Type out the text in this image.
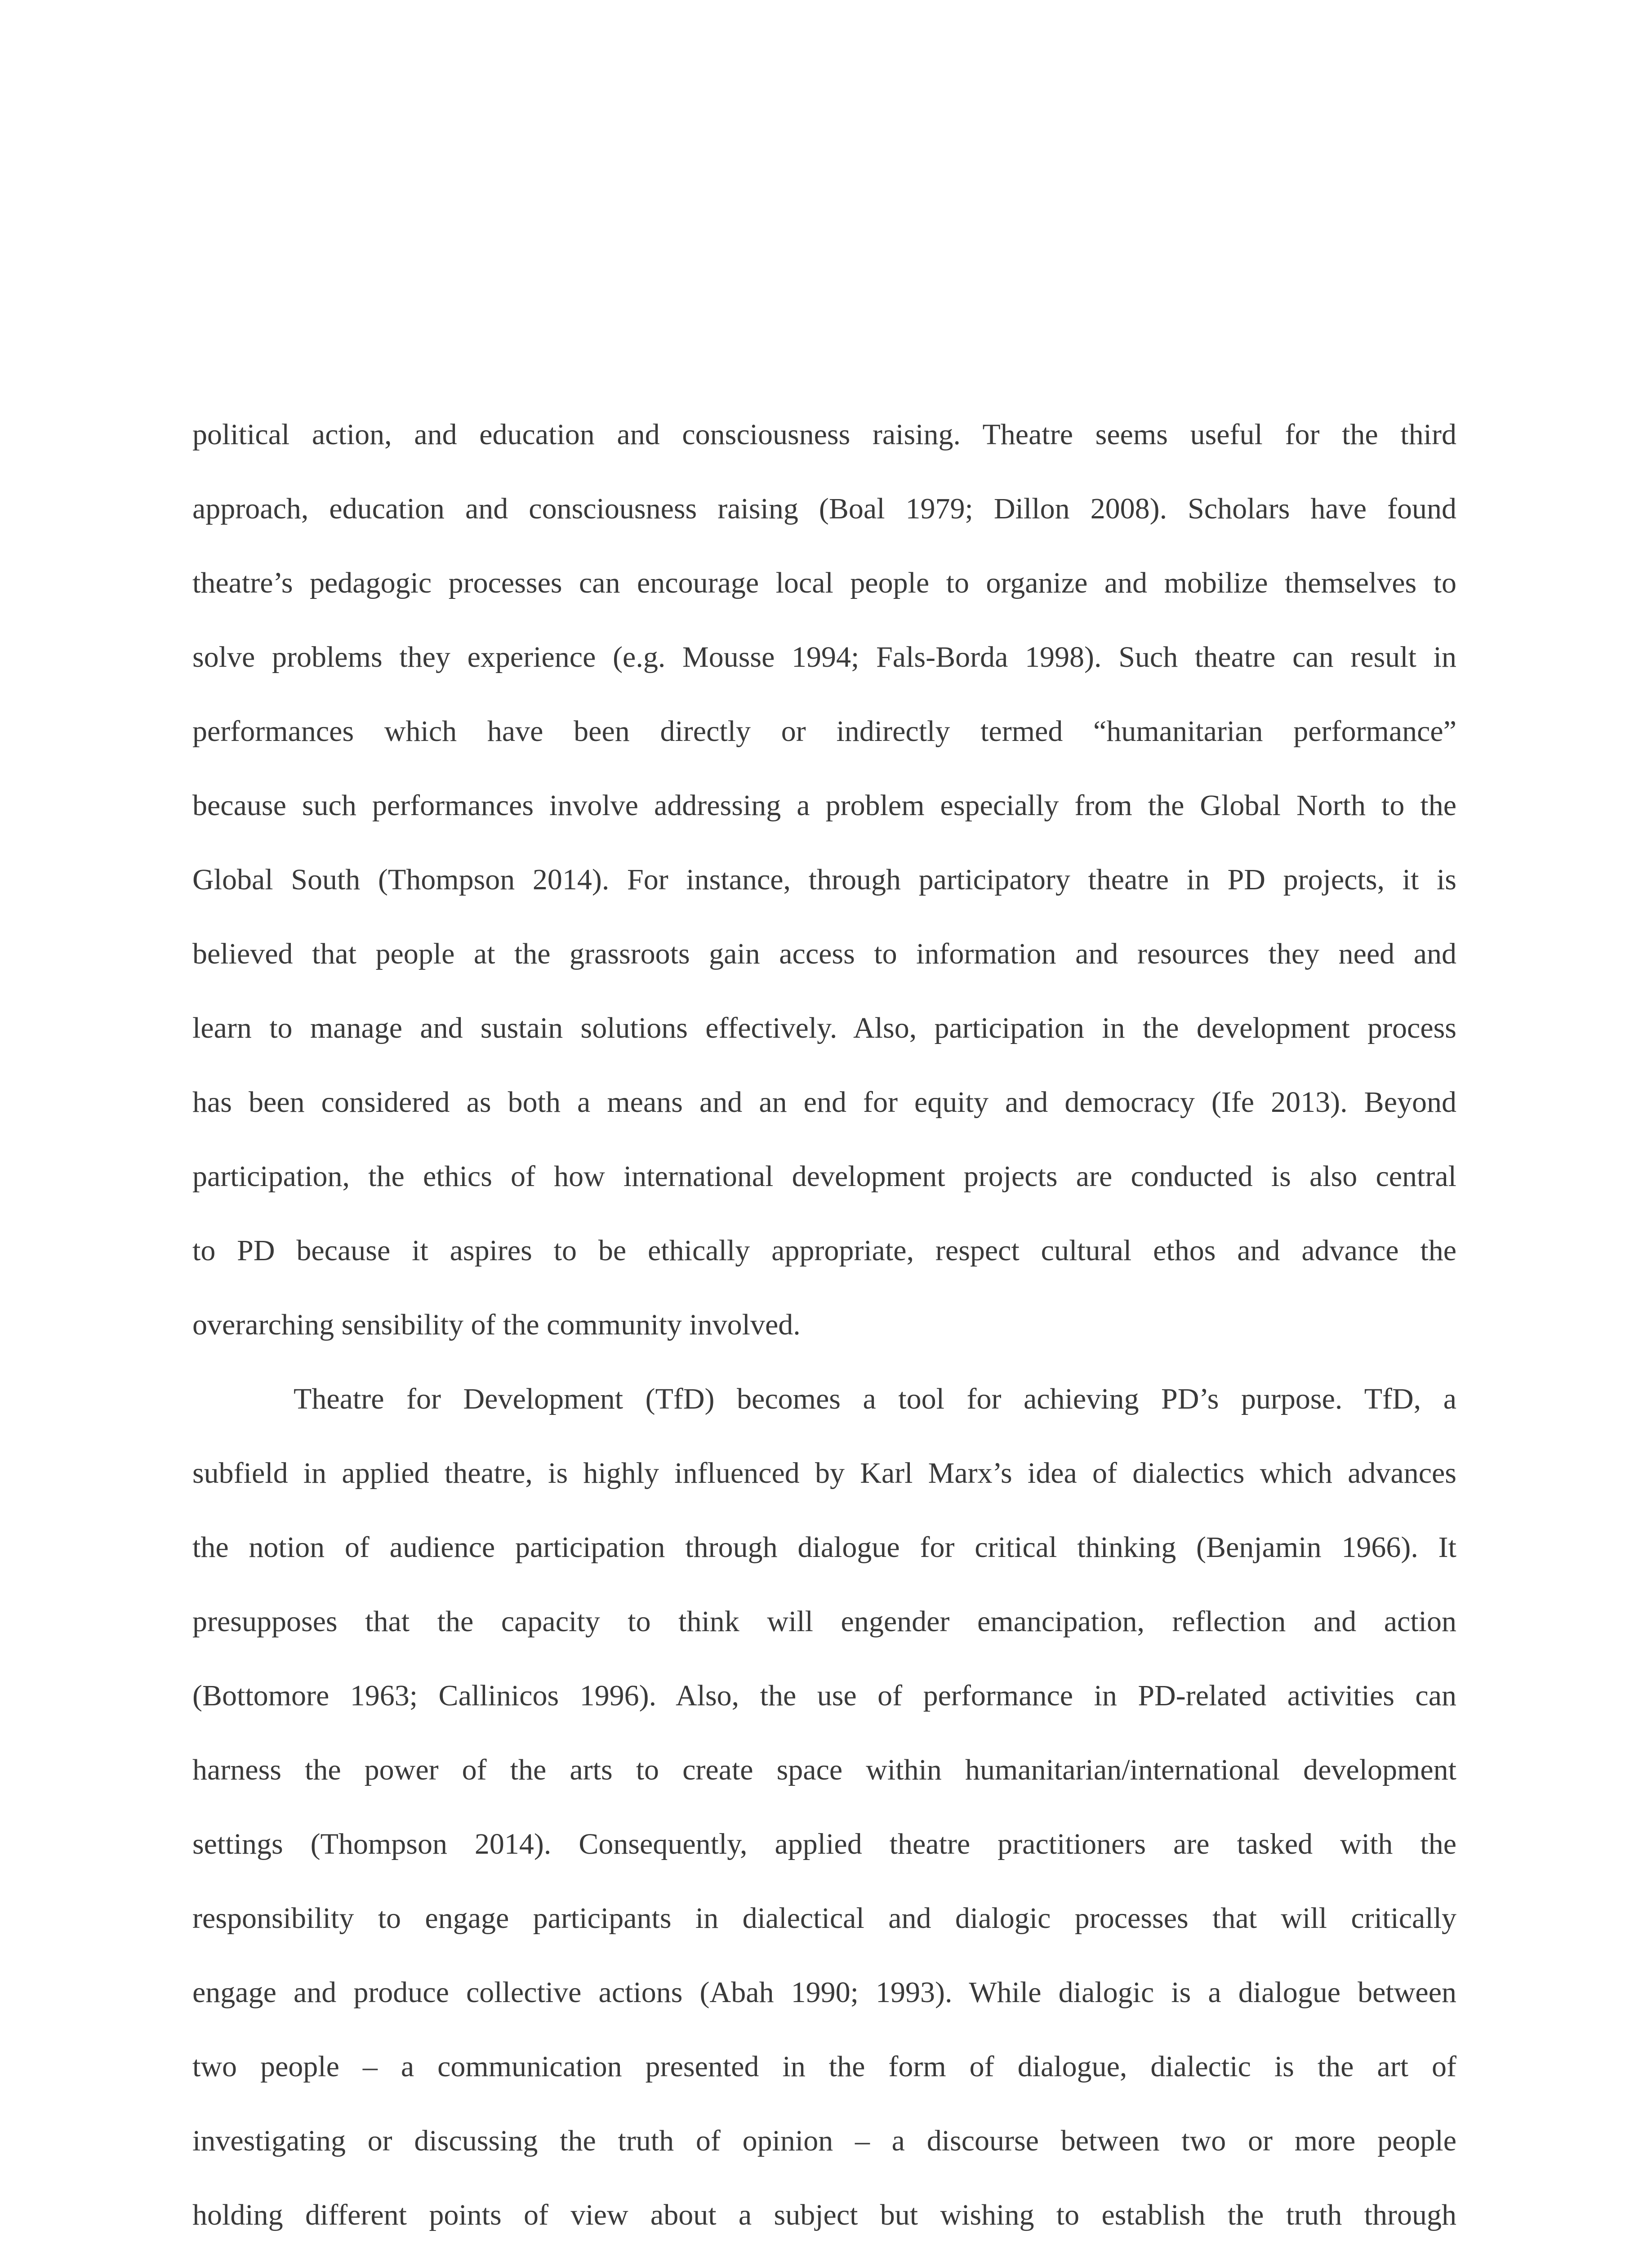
political action, and education and consciousness raising. Theatre seems useful for the third
approach, education and consciousness raising (Boal 1979; Dillon 2008). Scholars have found
theatre’s pedagogic processes can encourage local people to organize and mobilize themselves to
solve problems they experience (e.g. Mousse 1994; Fals-Borda 1998). Such theatre can result in
performances which have been directly or indirectly termed “humanitarian performance”
because such performances involve addressing a problem especially from the Global North to the
Global South (Thompson 2014). For instance, through participatory theatre in PD projects, it is
believed that people at the grassroots gain access to information and resources they need and
learn to manage and sustain solutions effectively. Also, participation in the development process
has been considered as both a means and an end for equity and democracy (Ife 2013). Beyond
participation, the ethics of how international development projects are conducted is also central
to PD because it aspires to be ethically appropriate, respect cultural ethos and advance the
overarching sensibility of the community involved.
Theatre for Development (TfD) becomes a tool for achieving PD’s purpose. TfD, a
subfield in applied theatre, is highly influenced by Karl Marx’s idea of dialectics which advances
the notion of audience participation through dialogue for critical thinking (Benjamin 1966). It
presupposes that the capacity to think will engender emancipation, reflection and action
(Bottomore 1963; Callinicos 1996). Also, the use of performance in PD-related activities can
harness the power of the arts to create space within humanitarian/international development
settings (Thompson 2014). Consequently, applied theatre practitioners are tasked with the
responsibility to engage participants in dialectical and dialogic processes that will critically
engage and produce collective actions (Abah 1990; 1993). While dialogic is a dialogue between
two people – a communication presented in the form of dialogue, dialectic is the art of
investigating or discussing the truth of opinion – a discourse between two or more people
holding different points of view about a subject but wishing to establish the truth through
